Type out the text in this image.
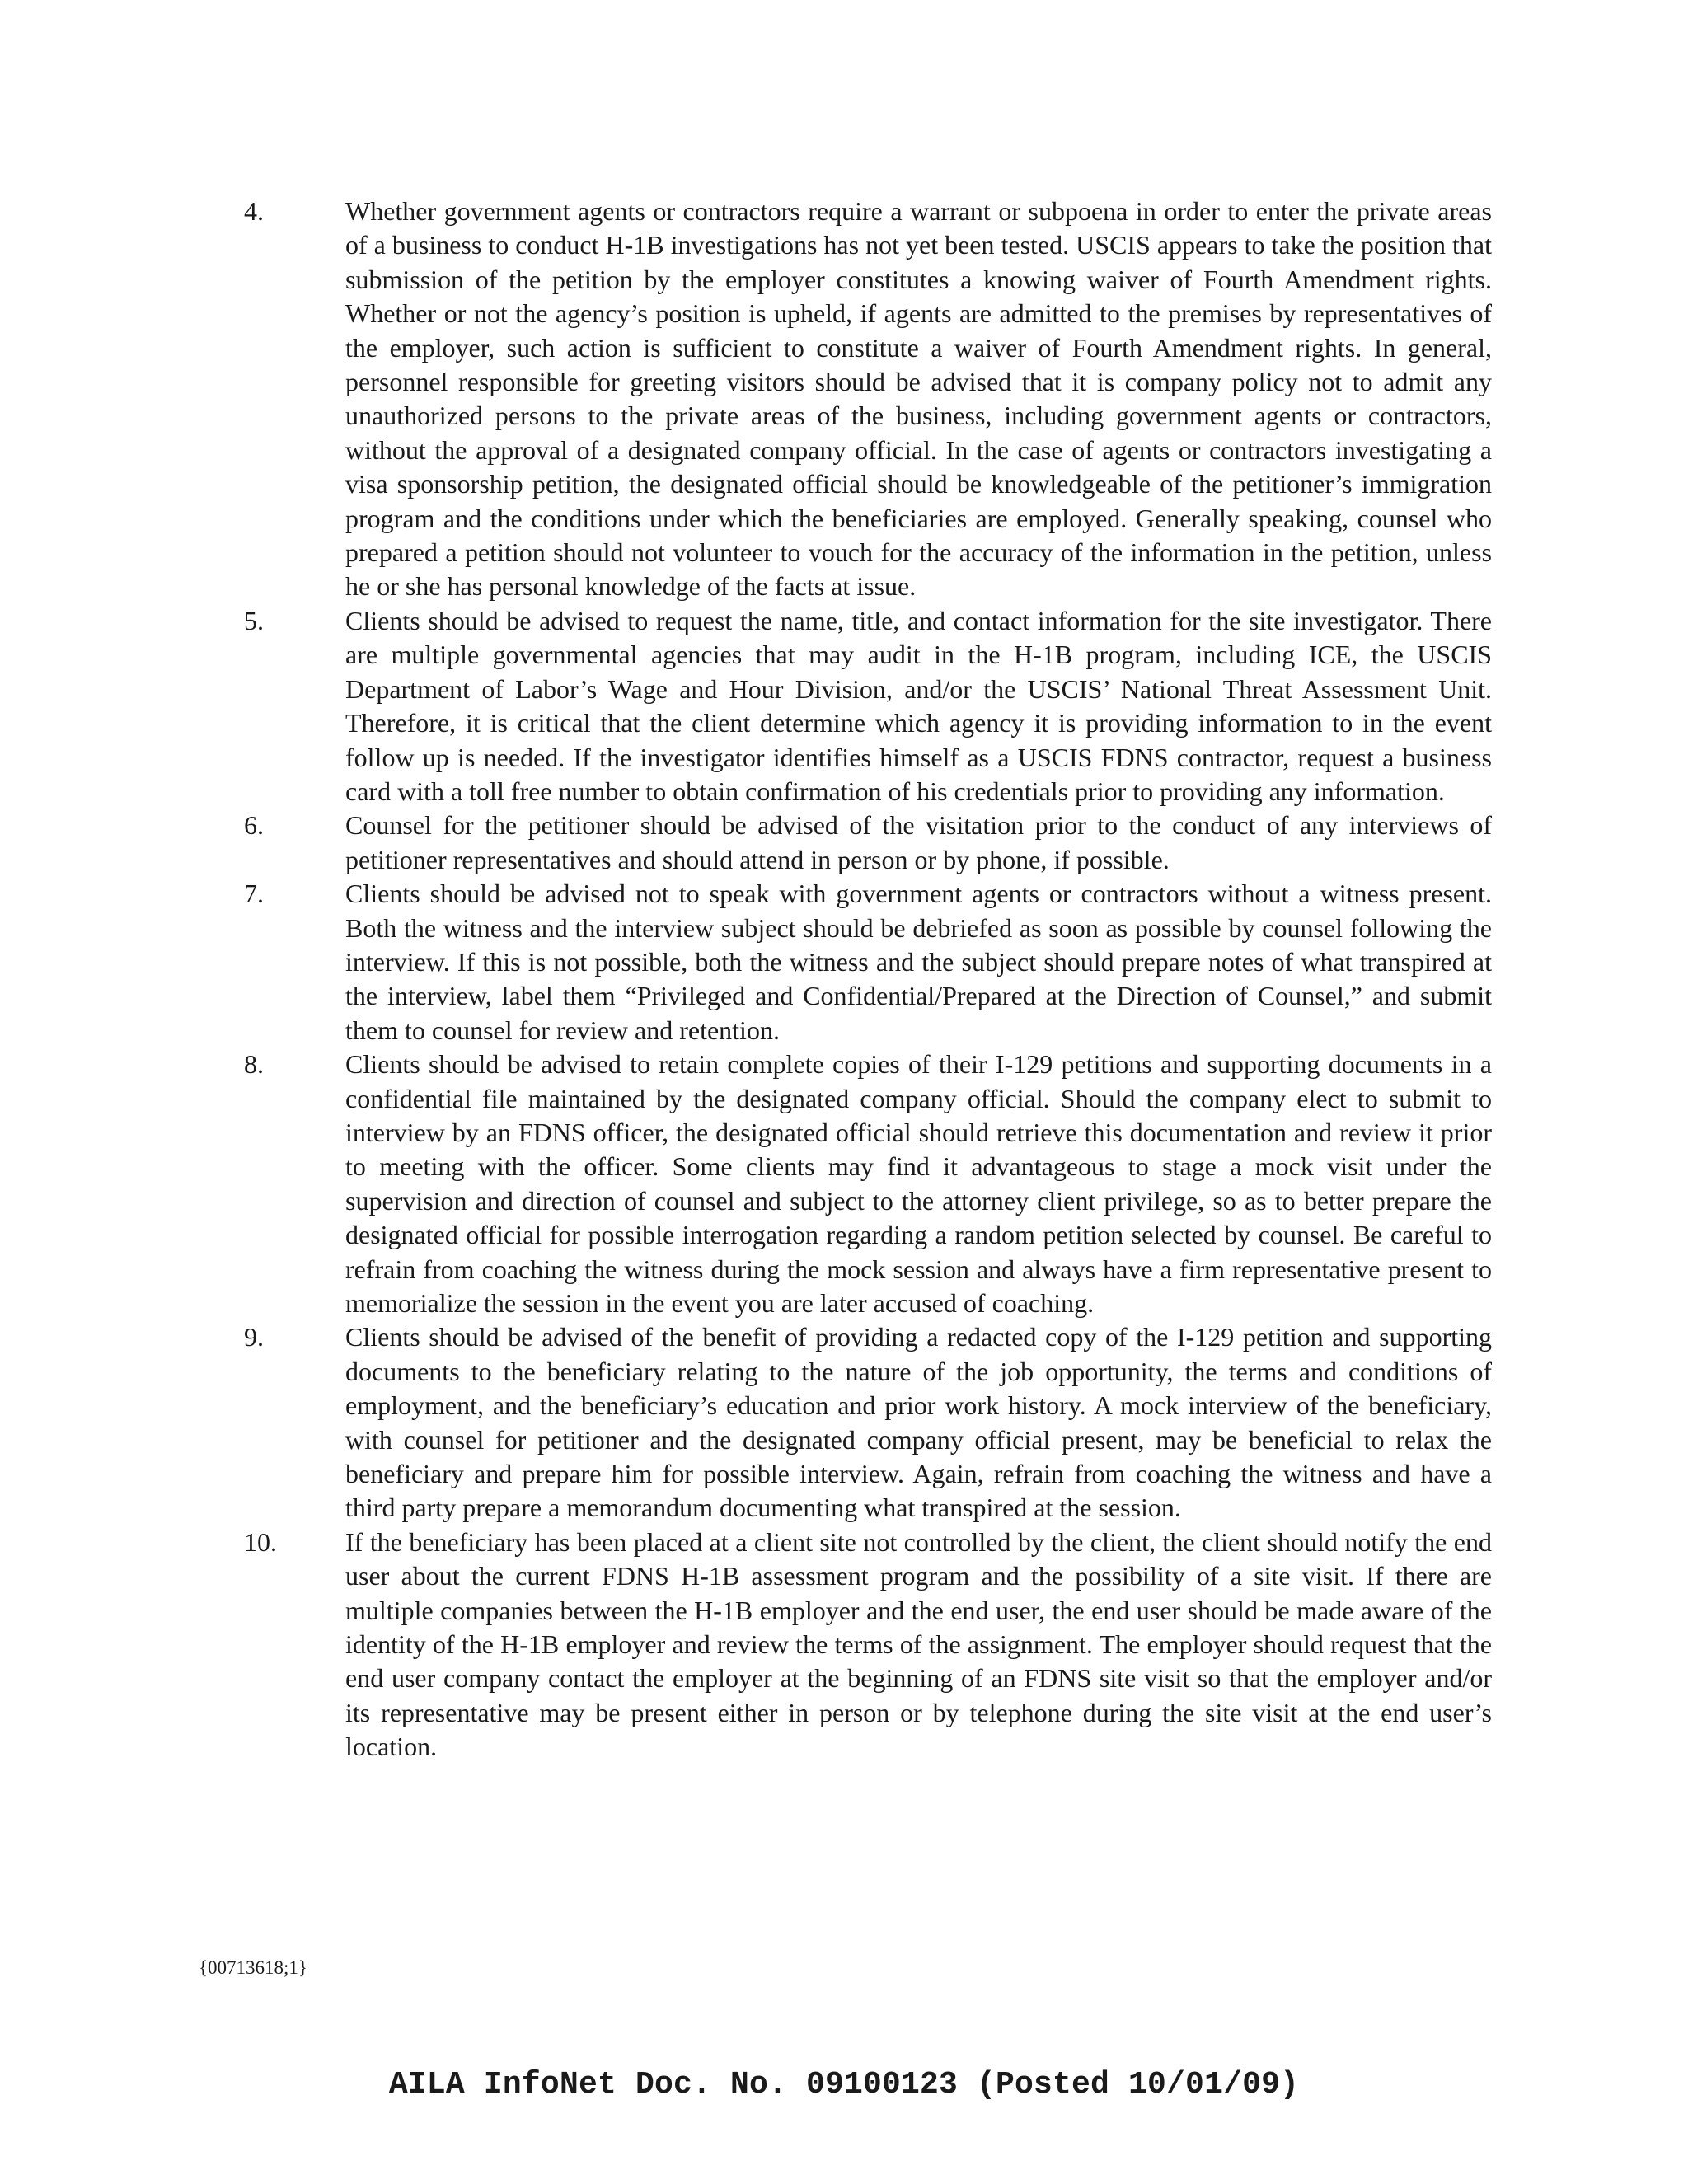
4.	Whether government agents or contractors require a warrant or subpoena in order to enter the private areas of a business to conduct H-1B investigations has not yet been tested. USCIS appears to take the position that submission of the petition by the employer constitutes a knowing waiver of Fourth Amendment rights. Whether or not the agency’s position is upheld, if agents are admitted to the premises by representatives of the employer, such action is sufficient to constitute a waiver of Fourth Amendment rights. In general, personnel responsible for greeting visitors should be advised that it is company policy not to admit any unauthorized persons to the private areas of the business, including government agents or contractors, without the approval of a designated company official. In the case of agents or contractors investigating a visa sponsorship petition, the designated official should be knowledgeable of the petitioner’s immigration program and the conditions under which the beneficiaries are employed. Generally speaking, counsel who prepared a petition should not volunteer to vouch for the accuracy of the information in the petition, unless he or she has personal knowledge of the facts at issue.
5.	Clients should be advised to request the name, title, and contact information for the site investigator. There are multiple governmental agencies that may audit in the H-1B program, including ICE, the USCIS Department of Labor’s Wage and Hour Division, and/or the USCIS’ National Threat Assessment Unit. Therefore, it is critical that the client determine which agency it is providing information to in the event follow up is needed. If the investigator identifies himself as a USCIS FDNS contractor, request a business card with a toll free number to obtain confirmation of his credentials prior to providing any information.
6.	Counsel for the petitioner should be advised of the visitation prior to the conduct of any interviews of petitioner representatives and should attend in person or by phone, if possible.
7.	Clients should be advised not to speak with government agents or contractors without a witness present. Both the witness and the interview subject should be debriefed as soon as possible by counsel following the interview. If this is not possible, both the witness and the subject should prepare notes of what transpired at the interview, label them “Privileged and Confidential/Prepared at the Direction of Counsel,” and submit them to counsel for review and retention.
8.	Clients should be advised to retain complete copies of their I-129 petitions and supporting documents in a confidential file maintained by the designated company official. Should the company elect to submit to interview by an FDNS officer, the designated official should retrieve this documentation and review it prior to meeting with the officer. Some clients may find it advantageous to stage a mock visit under the supervision and direction of counsel and subject to the attorney client privilege, so as to better prepare the designated official for possible interrogation regarding a random petition selected by counsel. Be careful to refrain from coaching the witness during the mock session and always have a firm representative present to memorialize the session in the event you are later accused of coaching.
9.	Clients should be advised of the benefit of providing a redacted copy of the I-129 petition and supporting documents to the beneficiary relating to the nature of the job opportunity, the terms and conditions of employment, and the beneficiary’s education and prior work history. A mock interview of the beneficiary, with counsel for petitioner and the designated company official present, may be beneficial to relax the beneficiary and prepare him for possible interview. Again, refrain from coaching the witness and have a third party prepare a memorandum documenting what transpired at the session.
10.	If the beneficiary has been placed at a client site not controlled by the client, the client should notify the end user about the current FDNS H-1B assessment program and the possibility of a site visit. If there are multiple companies between the H-1B employer and the end user, the end user should be made aware of the identity of the H-1B employer and review the terms of the assignment. The employer should request that the end user company contact the employer at the beginning of an FDNS site visit so that the employer and/or its representative may be present either in person or by telephone during the site visit at the end user’s location.
{00713618;1}
AILA InfoNet Doc. No. 09100123 (Posted 10/01/09)
